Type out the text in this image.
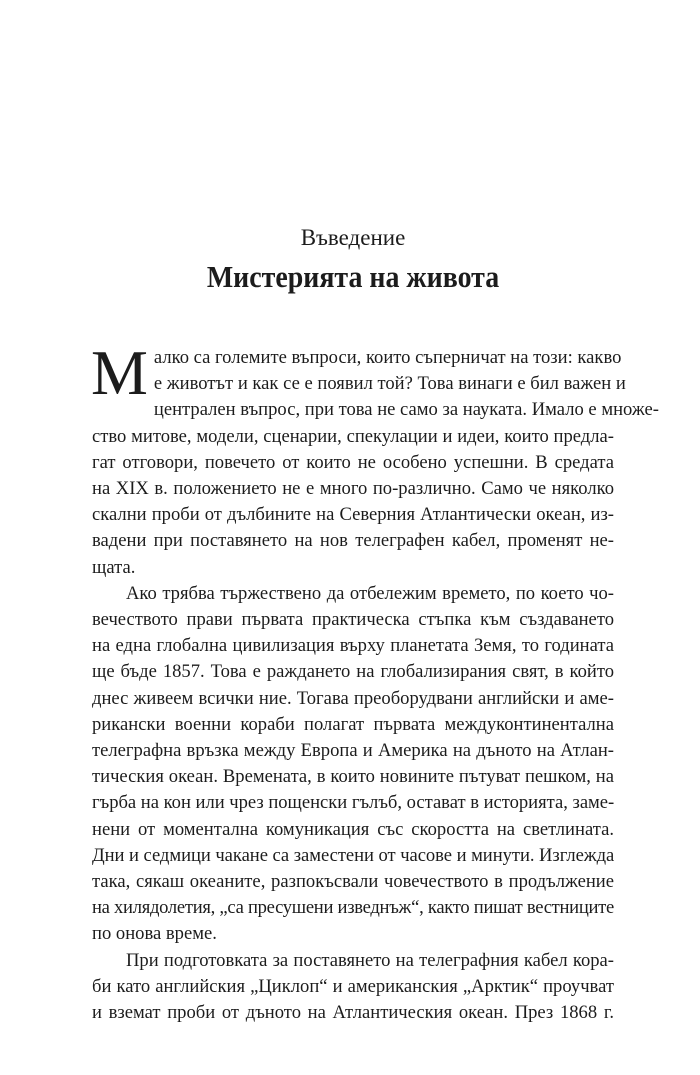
Въведение

Мистерията на живота

М алко са големите въпроси, които съперничат на този: какво
е животът и как се е появил той? Това винаги е бил важен и
централен въпрос, при това не само за науката. Имало е множе-
ство митове, модели, сценарии, спекулации и идеи, които предла-
гат отговори, повечето от които не особено успешни. В средата
на XIX в. положението не е много по-различно. Само че няколко
скални проби от дълбините на Северния Атлантически океан, из-
вадени при поставянето на нов телеграфен кабел, променят не-
щата.

Ако трябва тържествено да отбележим времето, по което чо-
вечеството прави първата практическа стъпка към създаването
на една глобална цивилизация върху планетата Земя, то годината
ще бъде 1857. Това е раждането на глобализирания свят, в който
днес живеем всички ние. Тогава преоборудвани английски и аме-
рикански военни кораби полагат първата междуконтинентална
телеграфна връзка между Европа и Америка на дъното на Атлан-
тическия океан. Времената, в които новините пътуват пешком, на
гърба на кон или чрез пощенски гълъб, остават в историята, заме-
нени от моментална комуникация със скоростта на светлината.
Дни и седмици чакане са заместени от часове и минути. Изглежда
така, сякаш океаните, разпокъсвали човечеството в продължение
на хилядолетия, „са пресушени изведнъж“, както пишат вестниците
по онова време.

При подготовката за поставянето на телеграфния кабел кора-
би като английския „Циклоп“ и американския „Арктик“ проучват
и вземат проби от дъното на Атлантическия океан. През 1868 г.
